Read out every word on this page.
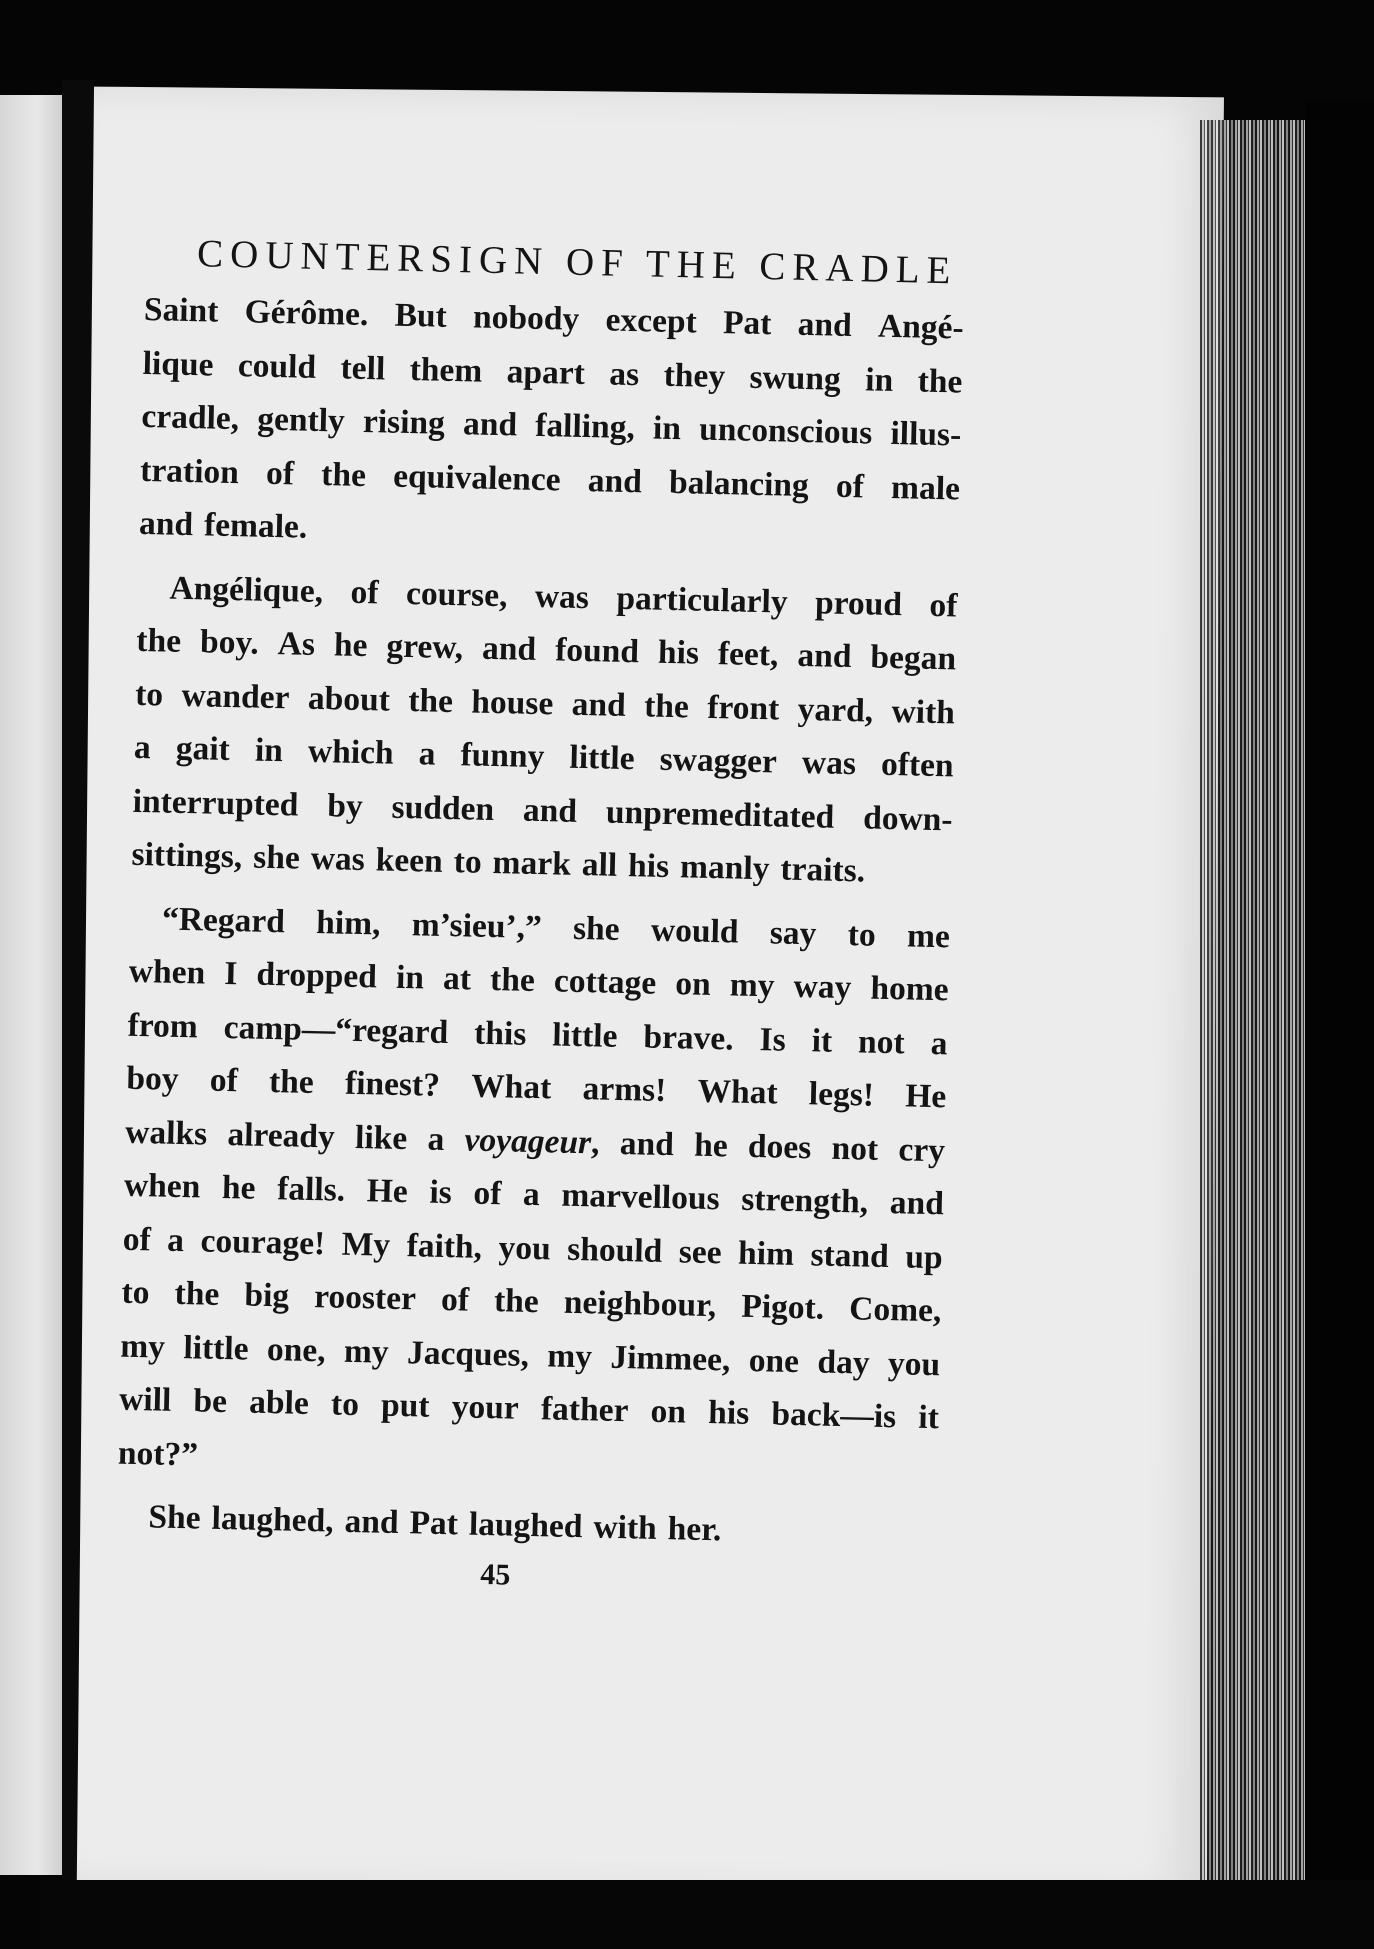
COUNTERSIGN OF THE CRADLE
Saint Gérôme. But nobody except Pat and Angé-
lique could tell them apart as they swung in the
cradle, gently rising and falling, in unconscious illus-
tration of the equivalence and balancing of male
and female.
Angélique, of course, was particularly proud of
the boy. As he grew, and found his feet, and began
to wander about the house and the front yard, with
a gait in which a funny little swagger was often
interrupted by sudden and unpremeditated down-
sittings, she was keen to mark all his manly traits.
“Regard him, m’sieu’,” she would say to me
when I dropped in at the cottage on my way home
from camp—“regard this little brave. Is it not a
boy of the finest? What arms! What legs! He
walks already like a voyageur, and he does not cry
when he falls. He is of a marvellous strength, and
of a courage! My faith, you should see him stand up
to the big rooster of the neighbour, Pigot. Come,
my little one, my Jacques, my Jimmee, one day you
will be able to put your father on his back—is it
not?”
She laughed, and Pat laughed with her.
45
